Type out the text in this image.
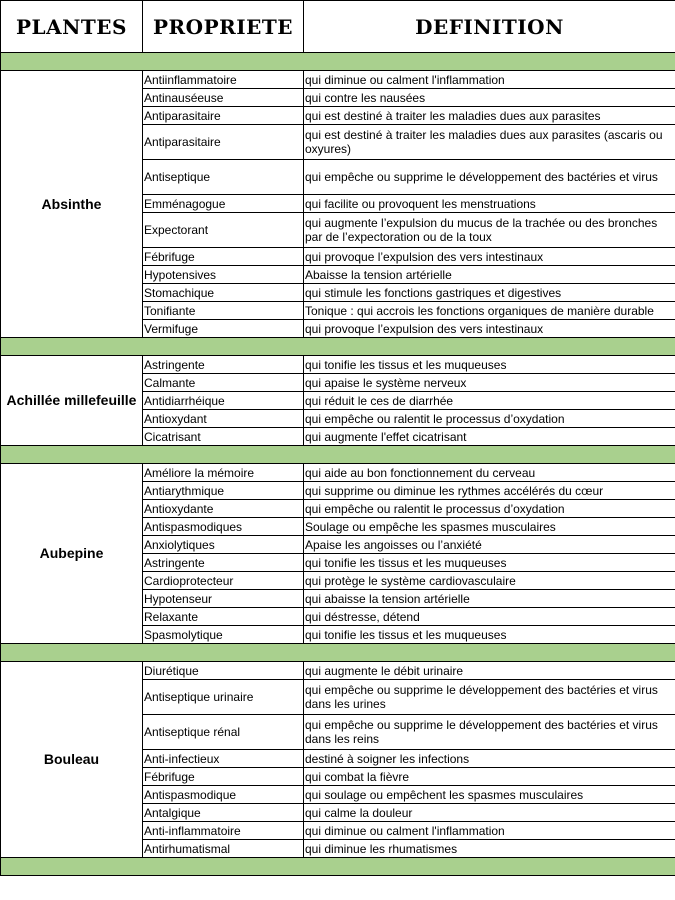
PLANTES	PROPRIETE	DEFINITION

Absinthe	Antiinflammatoire	qui diminue ou calment l'inflammation
	Antinauséeuse	qui contre les nausées
	Antiparasitaire	qui est destiné à traiter les maladies dues aux parasites
	Antiparasitaire	qui est destiné à traiter les maladies dues aux parasites (ascaris ou oxyures)
	Antiseptique	qui empêche ou supprime le développement des bactéries et virus
	Emménagogue	qui facilite ou provoquent les menstruations
	Expectorant	qui augmente l’expulsion du mucus de la trachée ou des bronches par de l’expectoration ou de la toux
	Fébrifuge	qui provoque l’expulsion des vers intestinaux
	Hypotensives	Abaisse la tension artérielle
	Stomachique	qui stimule les fonctions gastriques et digestives
	Tonifiante	Tonique : qui accrois les fonctions organiques de manière durable
	Vermifuge	qui provoque l’expulsion des vers intestinaux

Achillée millefeuille	Astringente	qui tonifie les tissus et les muqueuses
	Calmante	qui apaise le système nerveux
	Antidiarrhéique	qui réduit le ces de diarrhée
	Antioxydant	qui empêche ou ralentit le processus d’oxydation
	Cicatrisant	qui augmente l'effet cicatrisant

Aubepine	Améliore la mémoire	qui aide au bon fonctionnement du cerveau
	Antiarythmique	qui supprime ou diminue les rythmes accélérés du cœur
	Antioxydante	qui empêche ou ralentit le processus d’oxydation
	Antispasmodiques	Soulage ou empêche les spasmes musculaires
	Anxiolytiques	Apaise les angoisses ou l’anxiété
	Astringente	qui tonifie les tissus et les muqueuses
	Cardioprotecteur	qui protège le système cardiovasculaire
	Hypotenseur	qui abaisse la tension artérielle
	Relaxante	qui déstresse, détend
	Spasmolytique	qui tonifie les tissus et les muqueuses

Bouleau	Diurétique	qui augmente le débit urinaire
	Antiseptique urinaire	qui empêche ou supprime le développement des bactéries et virus dans les urines
	Antiseptique rénal	qui empêche ou supprime le développement des bactéries et virus dans les reins
	Anti-infectieux	destiné à soigner les infections
	Fébrifuge	qui combat la fièvre
	Antispasmodique	qui soulage ou empêchent les spasmes musculaires
	Antalgique	qui calme la douleur
	Anti-inflammatoire	qui diminue ou calment l'inflammation
	Antirhumatismal	qui diminue les rhumatismes
